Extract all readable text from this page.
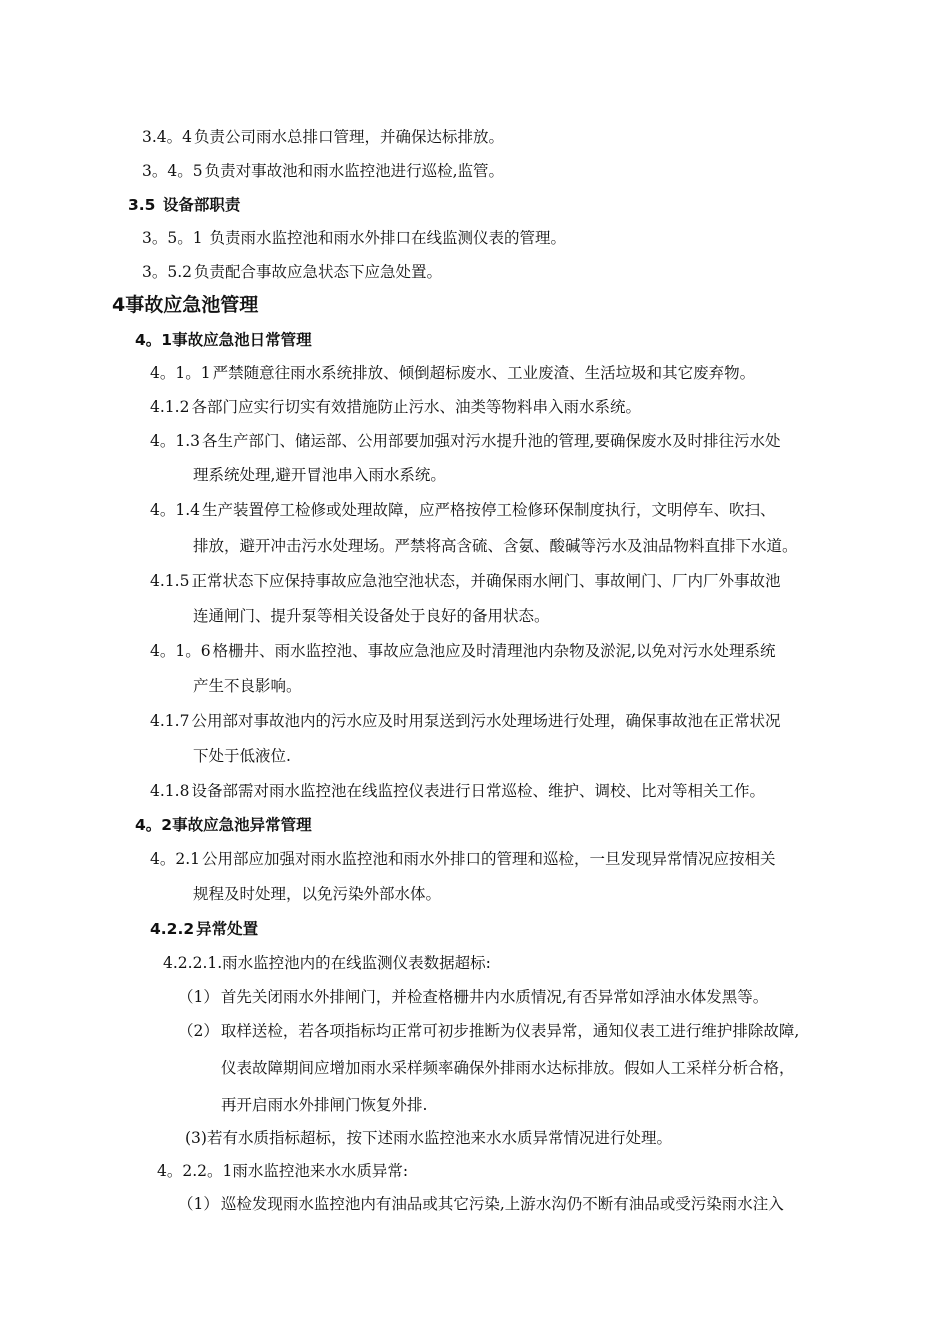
3.4。4 负责公司雨水总排口管理，并确保达标排放。
3。4。5 负责对事故池和雨水监控池进行巡检,监管。
3.5 设备部职责
3。5。1 负责雨水监控池和雨水外排口在线监测仪表的管理。
3。5.2 负责配合事故应急状态下应急处置。
4事故应急池管理
4。1事故应急池日常管理
4。1。1 严禁随意往雨水系统排放、倾倒超标废水、工业废渣、生活垃圾和其它废弃物。
4.1.2 各部门应实行切实有效措施防止污水、油类等物料串入雨水系统。
4。1.3 各生产部门、储运部、公用部要加强对污水提升池的管理,要确保废水及时排往污水处
理系统处理,避开冒池串入雨水系统。
4。1.4 生产装置停工检修或处理故障，应严格按停工检修环保制度执行，文明停车、吹扫、
排放，避开冲击污水处理场。严禁将高含硫、含氨、酸碱等污水及油品物料直排下水道。
4.1.5 正常状态下应保持事故应急池空池状态，并确保雨水闸门、事故闸门、厂内厂外事故池
连通闸门、提升泵等相关设备处于良好的备用状态。
4。1。6 格栅井、雨水监控池、事故应急池应及时清理池内杂物及淤泥,以免对污水处理系统
产生不良影响。
4.1.7 公用部对事故池内的污水应及时用泵送到污水处理场进行处理，确保事故池在正常状况
下处于低液位.
4.1.8 设备部需对雨水监控池在线监控仪表进行日常巡检、维护、调校、比对等相关工作。
4。2事故应急池异常管理
4。2.1 公用部应加强对雨水监控池和雨水外排口的管理和巡检，一旦发现异常情况应按相关
规程及时处理，以免污染外部水体。
4.2.2 异常处置
4.2.2.1.雨水监控池内的在线监测仪表数据超标:
（1） 首先关闭雨水外排闸门，并检查格栅井内水质情况,有否异常如浮油水体发黑等。
（2） 取样送检，若各项指标均正常可初步推断为仪表异常，通知仪表工进行维护排除故障,
仪表故障期间应增加雨水采样频率确保外排雨水达标排放。假如人工采样分析合格，
再开启雨水外排闸门恢复外排.
(3)若有水质指标超标，按下述雨水监控池来水水质异常情况进行处理。
4。2.2。1雨水监控池来水水质异常:
（1） 巡检发现雨水监控池内有油品或其它污染,上游水沟仍不断有油品或受污染雨水注入
